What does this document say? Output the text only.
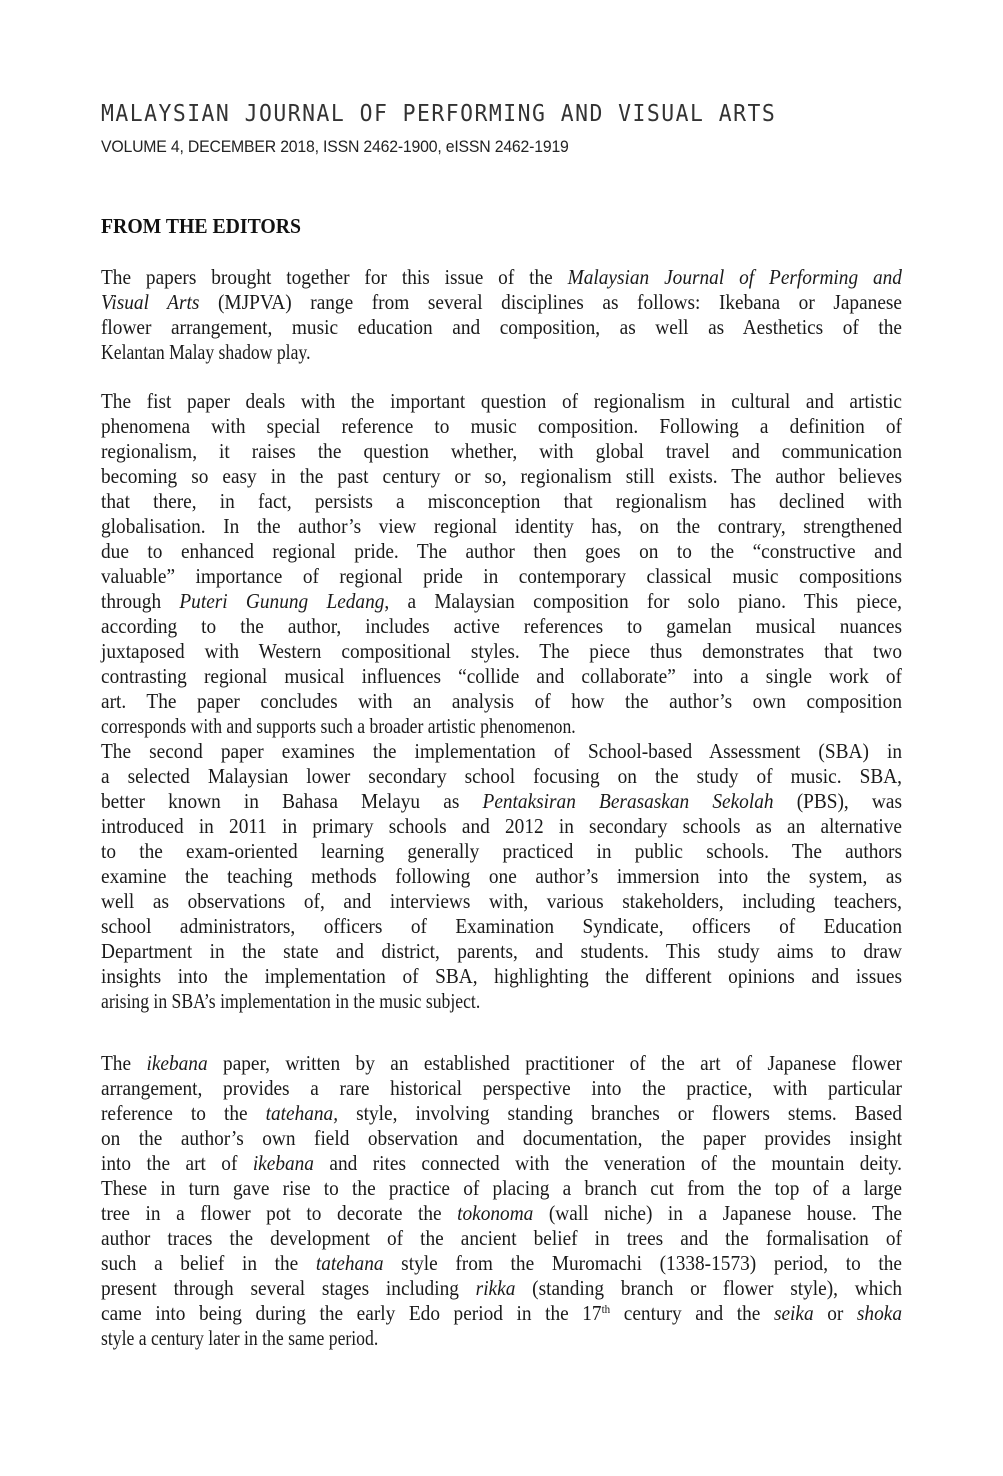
MALAYSIAN JOURNAL OF PERFORMING AND VISUAL ARTS
VOLUME 4, DECEMBER 2018, ISSN 2462-1900, eISSN 2462-1919
FROM THE EDITORS
The papers brought together for this issue of the Malaysian Journal of Performing and
Visual Arts (MJPVA) range from several disciplines as follows: Ikebana or Japanese
flower arrangement, music education and composition, as well as Aesthetics of the
Kelantan Malay shadow play.
The fist paper deals with the important question of regionalism in cultural and artistic
phenomena with special reference to music composition. Following a definition of
regionalism, it raises the question whether, with global travel and communication
becoming so easy in the past century or so, regionalism still exists. The author believes
that there, in fact, persists a misconception that regionalism has declined with
globalisation. In the author’s view regional identity has, on the contrary, strengthened
due to enhanced regional pride. The author then goes on to the “constructive and
valuable” importance of regional pride in contemporary classical music compositions
through Puteri Gunung Ledang, a Malaysian composition for solo piano. This piece,
according to the author, includes active references to gamelan musical nuances
juxtaposed with Western compositional styles. The piece thus demonstrates that two
contrasting regional musical influences “collide and collaborate” into a single work of
art. The paper concludes with an analysis of how the author’s own composition
corresponds with and supports such a broader artistic phenomenon.
The second paper examines the implementation of School-based Assessment (SBA) in
a selected Malaysian lower secondary school focusing on the study of music. SBA,
better known in Bahasa Melayu as Pentaksiran Berasaskan Sekolah (PBS), was
introduced in 2011 in primary schools and 2012 in secondary schools as an alternative
to the exam-oriented learning generally practiced in public schools. The authors
examine the teaching methods following one author’s immersion into the system, as
well as observations of, and interviews with, various stakeholders, including teachers,
school administrators, officers of Examination Syndicate, officers of Education
Department in the state and district, parents, and students. This study aims to draw
insights into the implementation of SBA, highlighting the different opinions and issues
arising in SBA’s implementation in the music subject.
The ikebana paper, written by an established practitioner of the art of Japanese flower
arrangement, provides a rare historical perspective into the practice, with particular
reference to the tatehana, style, involving standing branches or flowers stems. Based
on the author’s own field observation and documentation, the paper provides insight
into the art of ikebana and rites connected with the veneration of the mountain deity.
These in turn gave rise to the practice of placing a branch cut from the top of a large
tree in a flower pot to decorate the tokonoma (wall niche) in a Japanese house. The
author traces the development of the ancient belief in trees and the formalisation of
such a belief in the tatehana style from the Muromachi (1338-1573) period, to the
present through several stages including rikka (standing branch or flower style), which
came into being during the early Edo period in the 17th century and the seika or shoka
style a century later in the same period.
